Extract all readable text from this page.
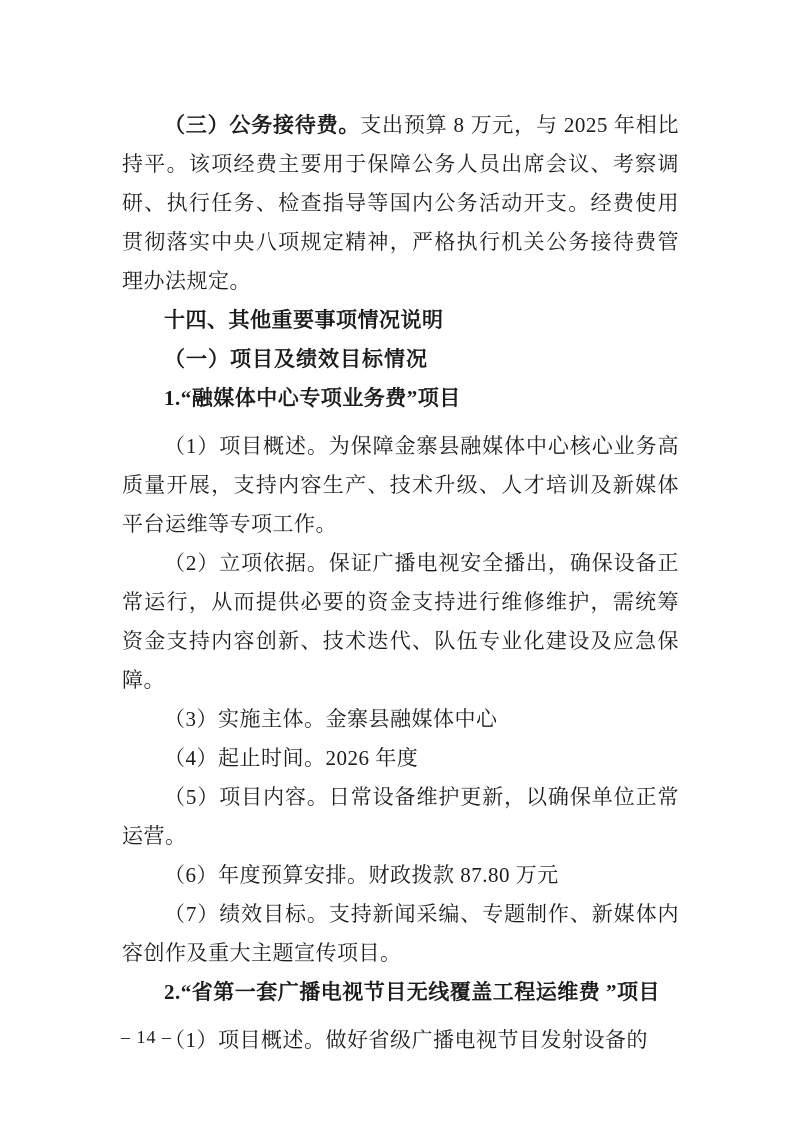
（三）公务接待费。支出预算 8 万元，与 2025 年相比持平。该项经费主要用于保障公务人员出席会议、考察调研、执行任务、检查指导等国内公务活动开支。经费使用贯彻落实中央八项规定精神，严格执行机关公务接待费管理办法规定。

十四、其他重要事项情况说明

（一）项目及绩效目标情况

1.“融媒体中心专项业务费”项目

（1）项目概述。为保障金寨县融媒体中心核心业务高质量开展，支持内容生产、技术升级、人才培训及新媒体平台运维等专项工作。

（2）立项依据。保证广播电视安全播出，确保设备正常运行，从而提供必要的资金支持进行维修维护，需统筹资金支持内容创新、技术迭代、队伍专业化建设及应急保障。

（3）实施主体。金寨县融媒体中心

（4）起止时间。2026 年度

（5）项目内容。日常设备维护更新，以确保单位正常运营。

（6）年度预算安排。财政拨款 87.80 万元

（7）绩效目标。支持新闻采编、专题制作、新媒体内容创作及重大主题宣传项目。

2.“省第一套广播电视节目无线覆盖工程运维费 ”项目

（1）项目概述。做好省级广播电视节目发射设备的

– 14 –
